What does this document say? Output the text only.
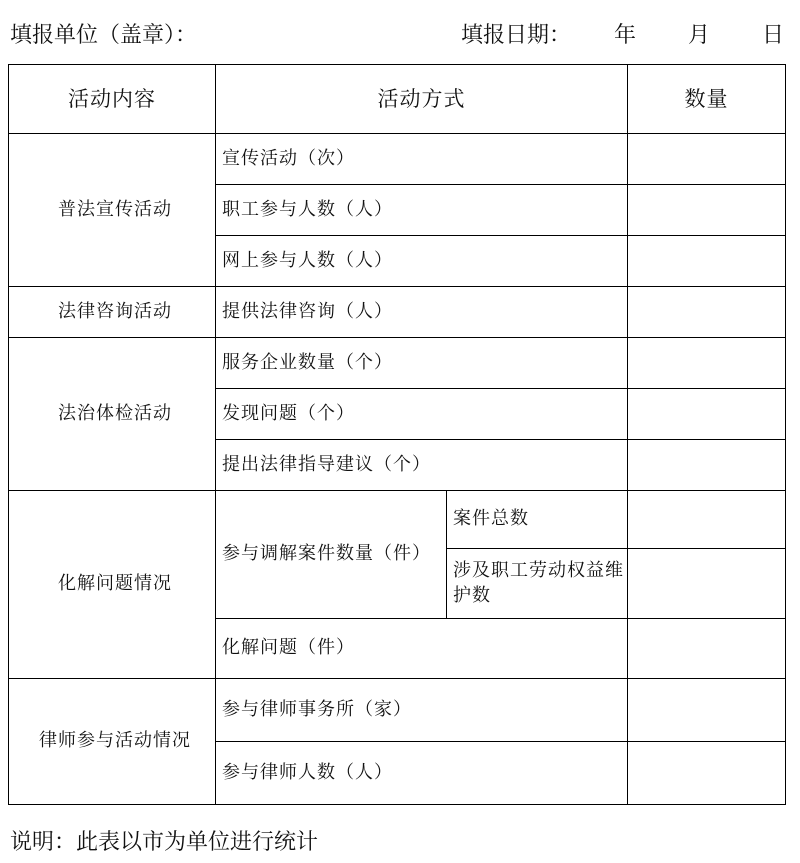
填报单位（盖章）：	填报日期： 年 月 日
活动内容	活动方式		数量
普法宣传活动	宣传活动（次）		
	职工参与人数（人）		
	网上参与人数（人）		
法律咨询活动	提供法律咨询（人）		
法治体检活动	服务企业数量（个）		
	发现问题（个）		
	提出法律指导建议（个）		
化解问题情况	参与调解案件数量（件）	案件总数	
		涉及职工劳动权益维护数	
	化解问题（件）		
律师参与活动情况	参与律师事务所（家）		
	参与律师人数（人）		
说明：此表以市为单位进行统计
